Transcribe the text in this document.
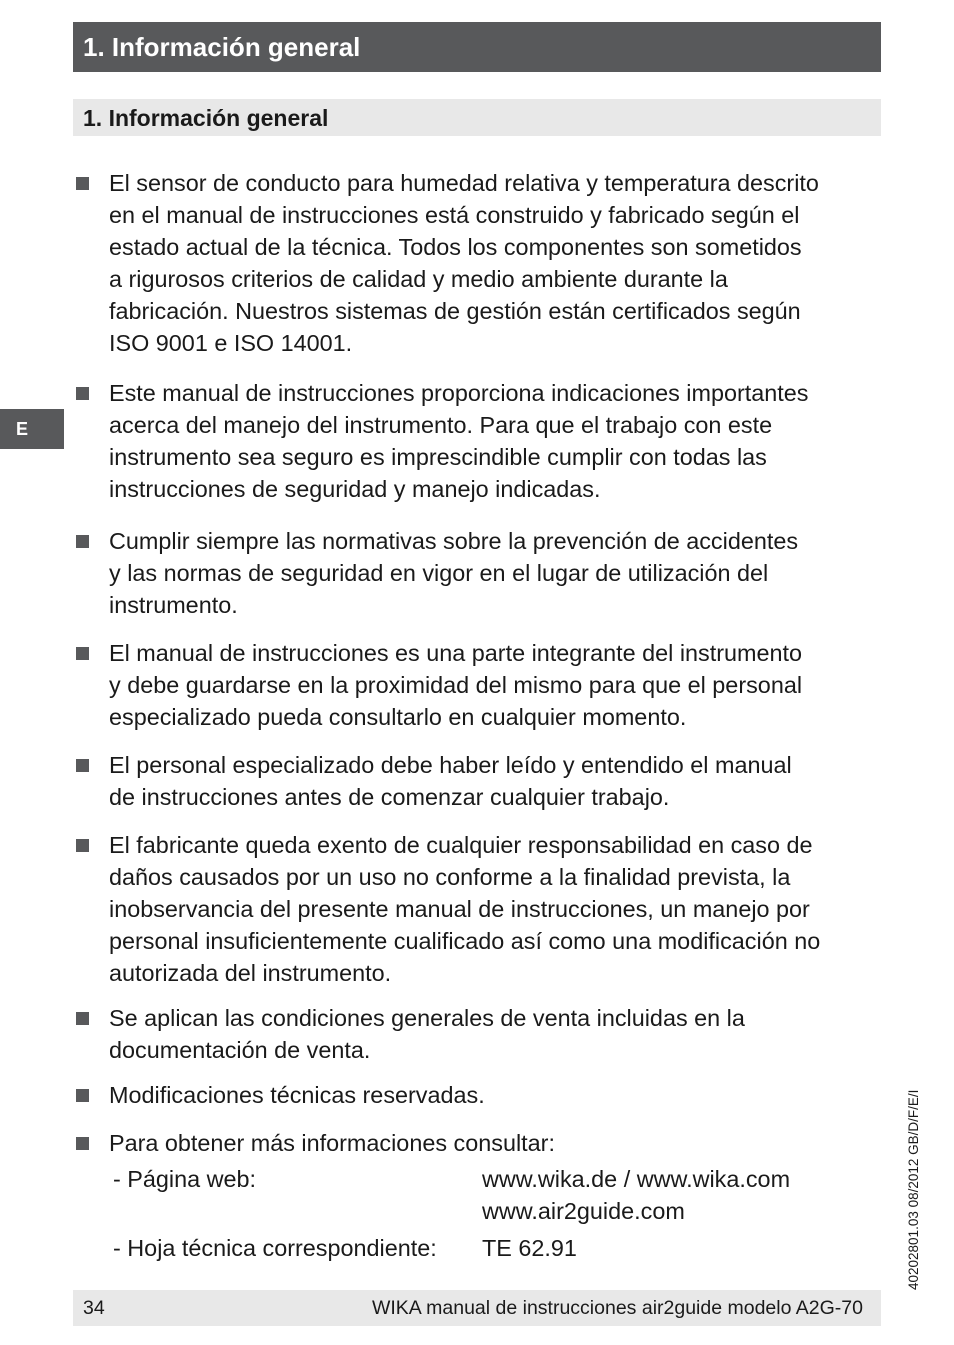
1. Información general
1. Información general
E
El sensor de conducto para humedad relativa y temperatura descrito
en el manual de instrucciones está construido y fabricado según el
estado actual de la técnica. Todos los componentes son sometidos
a rigurosos criterios de calidad y medio ambiente durante la
fabricación. Nuestros sistemas de gestión están certificados según
ISO 9001 e ISO 14001.
Este manual de instrucciones proporciona indicaciones importantes
acerca del manejo del instrumento. Para que el trabajo con este
instrumento sea seguro es imprescindible cumplir con todas las
instrucciones de seguridad y manejo indicadas.
Cumplir siempre las normativas sobre la prevención de accidentes
y las normas de seguridad en vigor en el lugar de utilización del
instrumento.
El manual de instrucciones es una parte integrante del instrumento
y debe guardarse en la proximidad del mismo para que el personal
especializado pueda consultarlo en cualquier momento.
El personal especializado debe haber leído y entendido el manual
de instrucciones antes de comenzar cualquier trabajo.
El fabricante queda exento de cualquier responsabilidad en caso de
daños causados por un uso no conforme a la finalidad prevista, la
inobservancia del presente manual de instrucciones, un manejo por
personal insuficientemente cualificado así como una modificación no
autorizada del instrumento.
Se aplican las condiciones generales de venta incluidas en la
documentación de venta.
Modificaciones técnicas reservadas.
Para obtener más informaciones consultar:
- Página web:	www.wika.de / www.wika.com
www.air2guide.com
- Hoja técnica correspondiente: TE 62.91	40202801.03 08/2012 GB/D/F/E/I
34	WIKA manual de instrucciones air2guide modelo A2G-70
